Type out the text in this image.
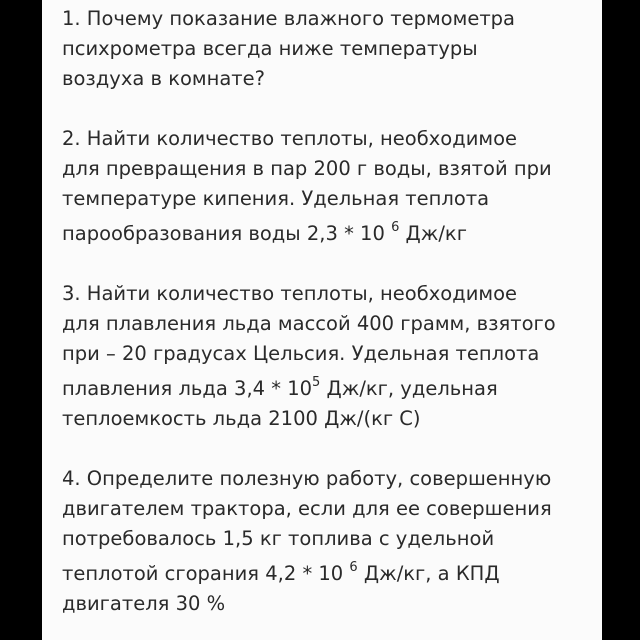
1. Почему показание влажного термометра
психрометра всегда ниже температуры
воздуха в комнате?

2. Найти количество теплоты, необходимое
для превращения в пар 200 г воды, взятой при
температуре кипения. Удельная теплота
парообразования воды 2,3 * 10 $^6$ Дж/кг

3. Найти количество теплоты, необходимое
для плавления льда массой 400 грамм, взятого
при – 20 градусах Цельсия. Удельная теплота
плавления льда $3,4 * 10^5$ Дж/кг, удельная
теплоемкость льда 2100 Дж/(кг С)

4. Определите полезную работу, совершенную
двигателем трактора, если для ее совершения
потребовалось 1,5 кг топлива с удельной
теплотой сгорания 4,2 * 10 $^6$ Дж/кг, а КПД
двигателя 30 %
